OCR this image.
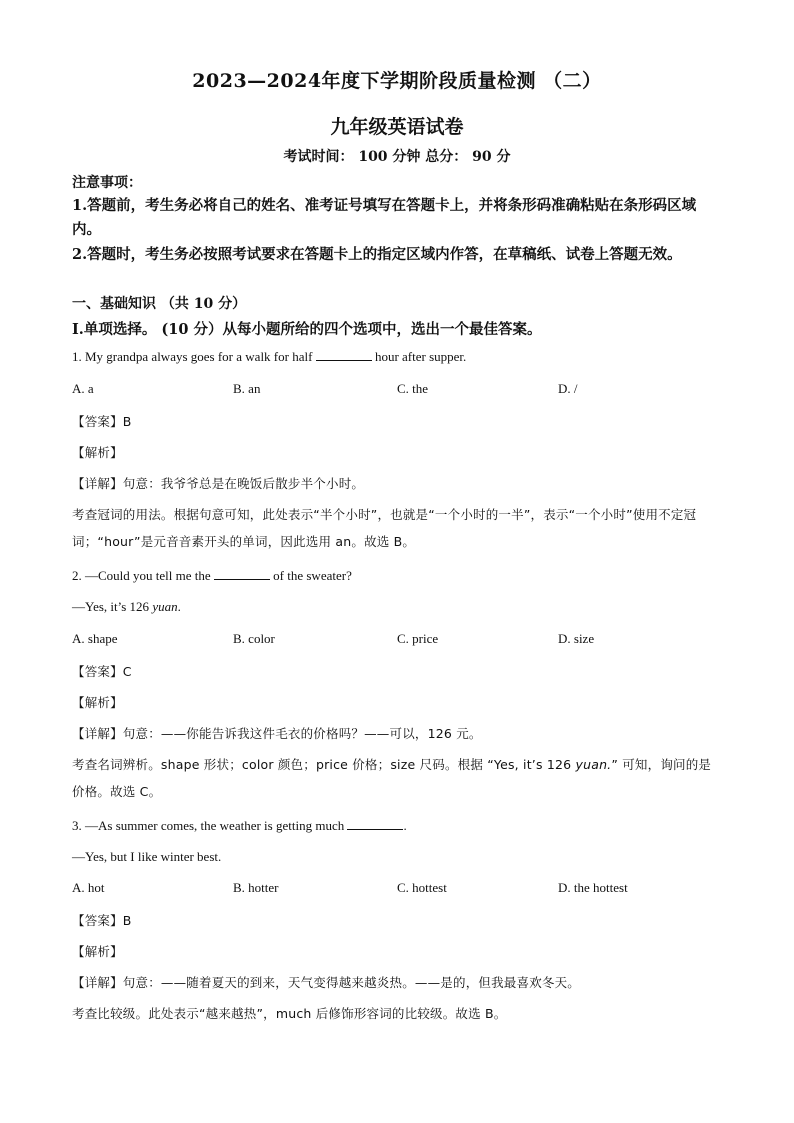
2023—2024年度下学期阶段质量检测 （二）
九年级英语试卷
考试时间： 100 分钟 总分： 90 分
注意事项：
1.答题前，考生务必将自己的姓名、准考证号填写在答题卡上，并将条形码准确粘贴在条形码区域内。
2.答题时，考生务必按照考试要求在答题卡上的指定区域内作答，在草稿纸、试卷上答题无效。
一、基础知识 （共 10 分）
I.单项选择。 (10 分）从每小题所给的四个选项中，选出一个最佳答案。
1. My grandpa always goes for a walk for half	hour after supper.
A. a	B. an	C. the	D. /
【答案】B
【解析】
【详解】句意：我爷爷总是在晚饭后散步半个小时。
考查冠词的用法。根据句意可知，此处表示“半个小时”，也就是“一个小时的一半”，表示“一个小时”使用不定冠词；“hour”是元音音素开头的单词，因此选用 an。故选 B。
2. —Could you tell me the	of the sweater?
—Yes, it’s 126 yuan.
A. shape	B. color	C. price	D. size
【答案】C
【解析】
【详解】句意：——你能告诉我这件毛衣的价格吗？——可以，126 元。
考查名词辨析。shape 形状；color 颜色；price 价格；size 尺码。根据 “Yes, it’s 126 yuan.” 可知，询问的是价格。故选 C。
3. —As summer comes, the weather is getting much	.
—Yes, but I like winter best.
A. hot	B. hotter	C. hottest	D. the hottest
【答案】B
【解析】
【详解】句意：——随着夏天的到来，天气变得越来越炎热。——是的，但我最喜欢冬天。
考查比较级。此处表示“越来越热”，much 后修饰形容词的比较级。故选 B。
